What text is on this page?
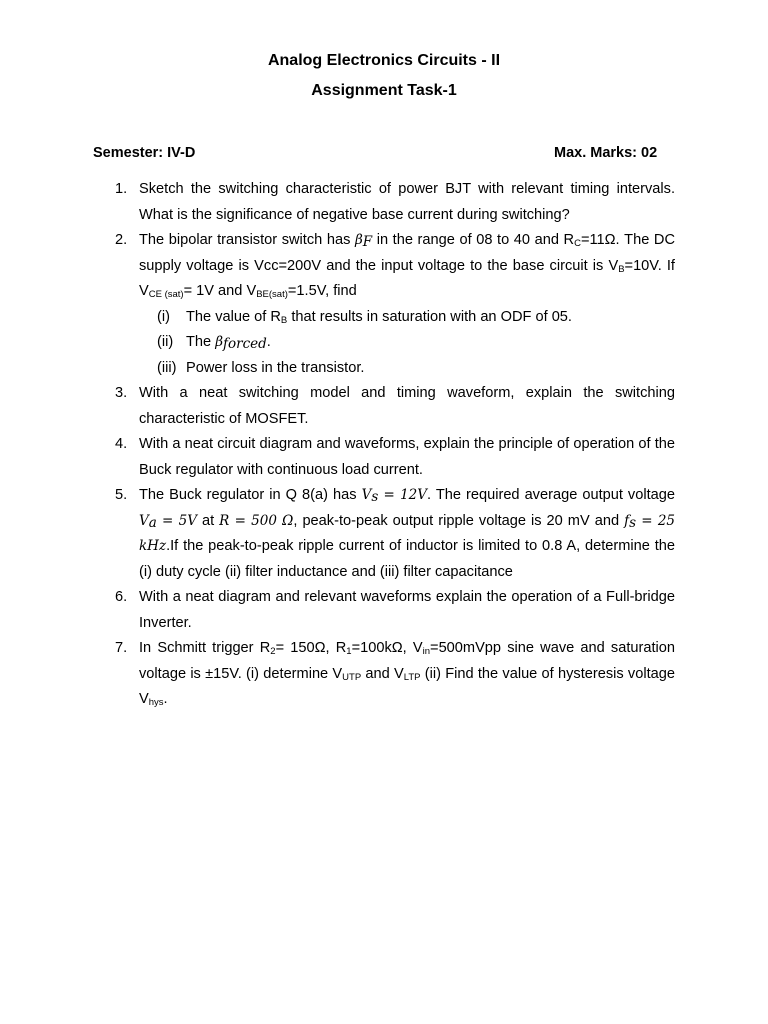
Analog Electronics Circuits - II
Assignment Task-1
Semester: IV-D	Max. Marks: 02
1. Sketch the switching characteristic of power BJT with relevant timing intervals. What is the significance of negative base current during switching?
2. The bipolar transistor switch has $\beta_F$ in the range of 08 to 40 and $R_C=11\Omega$. The DC supply voltage is Vcc=200V and the input voltage to the base circuit is $V_B=10V$. If $V_{CE (sat)}= 1V$ and $V_{BE(sat)}=1.5V$, find
(i) The value of $R_B$ that results in saturation with an ODF of 05.
(ii) The $\beta_{forced}$.
(iii) Power loss in the transistor.
3. With a neat switching model and timing waveform, explain the switching characteristic of MOSFET.
4. With a neat circuit diagram and waveforms, explain the principle of operation of the Buck regulator with continuous load current.
5. The Buck regulator in Q 8(a) has $V_s = 12V$. The required average output voltage $V_a = 5V$ at R = 500 Ω, peak-to-peak output ripple voltage is 20 mV and $f_s = 25$ kHz.If the peak-to-peak ripple current of inductor is limited to 0.8 A, determine the (i) duty cycle (ii) filter inductance and (iii) filter capacitance
6. With a neat diagram and relevant waveforms explain the operation of a Full-bridge Inverter.
7. In Schmitt trigger $R_2= 150\Omega$, $R_1=100k\Omega$, $V_{in}=500mVpp$ sine wave and saturation voltage is ±15V. (i) determine $V_{UTP}$ and $V_{LTP}$ (ii) Find the value of hysteresis voltage $V_{hys}$.
